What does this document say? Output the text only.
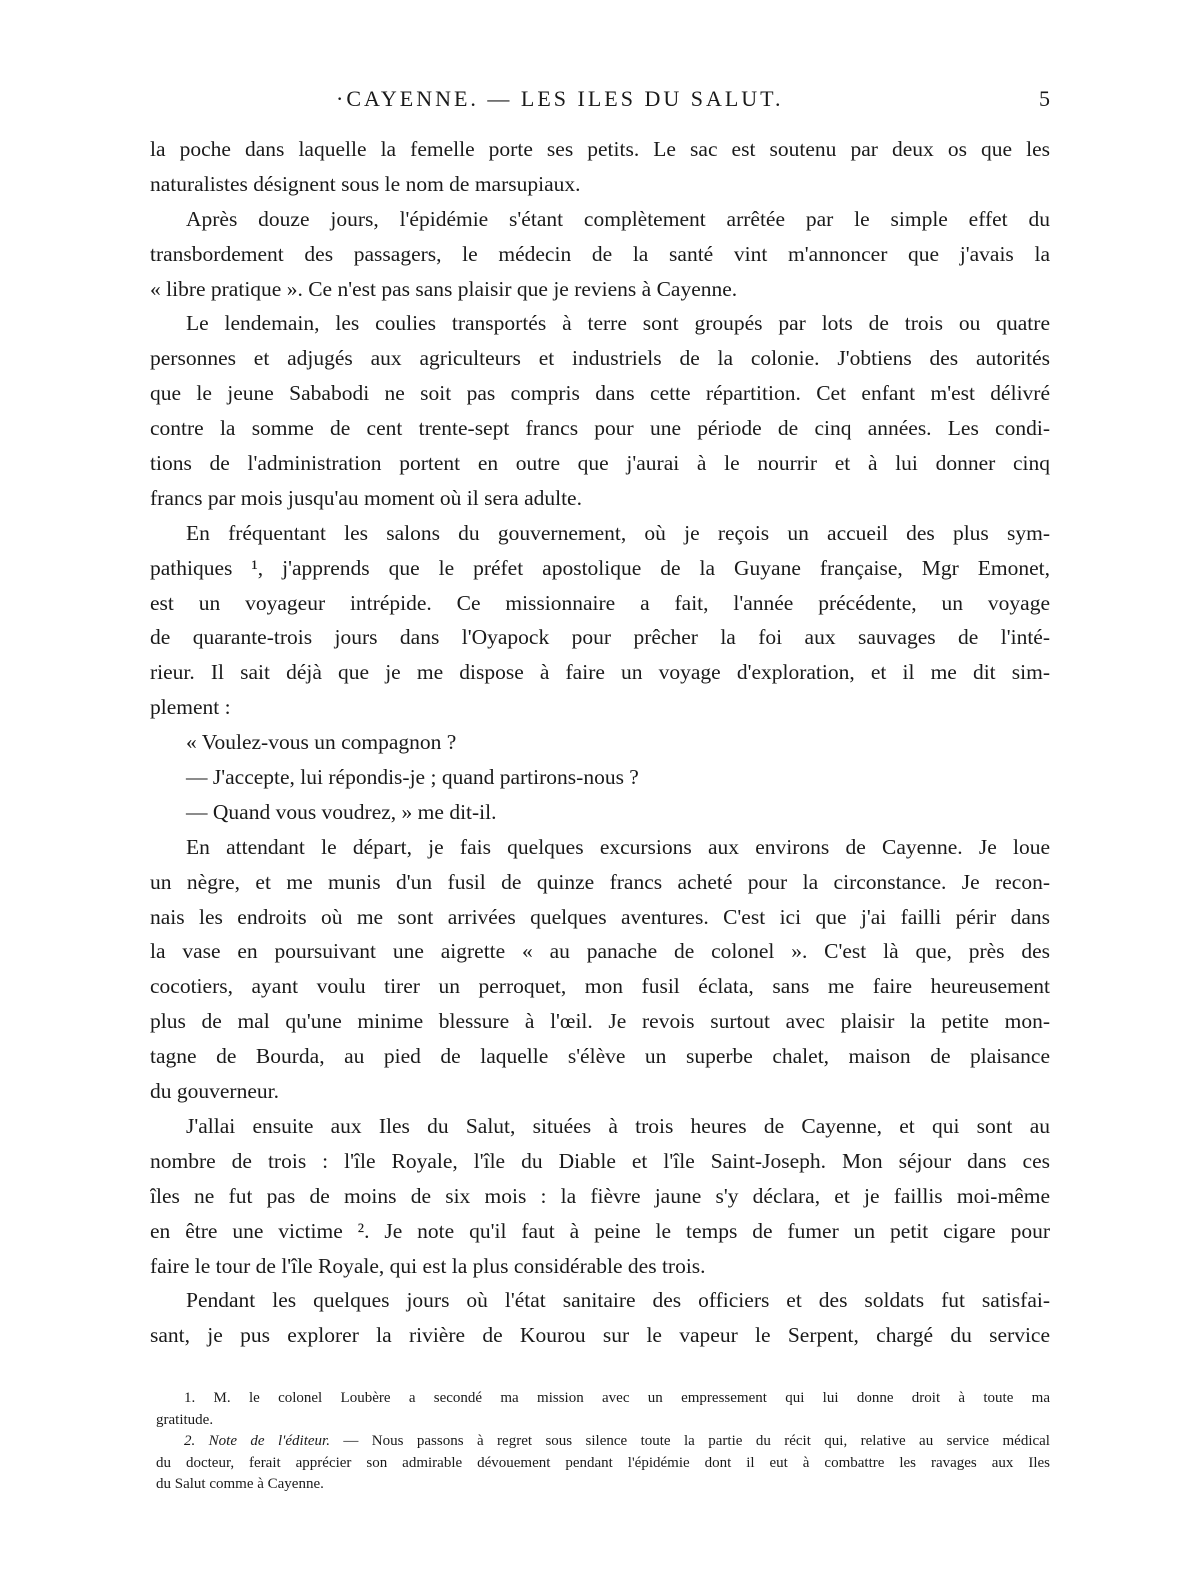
·CAYENNE. — LES ILES DU SALUT.	5
la poche dans laquelle la femelle porte ses petits. Le sac est soutenu par deux os que les
naturalistes désignent sous le nom de marsupiaux.
Après douze jours, l'épidémie s'étant complètement arrêtée par le simple effet du
transbordement des passagers, le médecin de la santé vint m'annoncer que j'avais la
« libre pratique ». Ce n'est pas sans plaisir que je reviens à Cayenne.
Le lendemain, les coulies transportés à terre sont groupés par lots de trois ou quatre
personnes et adjugés aux agriculteurs et industriels de la colonie. J'obtiens des autorités
que le jeune Sababodi ne soit pas compris dans cette répartition. Cet enfant m'est délivré
contre la somme de cent trente-sept francs pour une période de cinq années. Les condi-
tions de l'administration portent en outre que j'aurai à le nourrir et à lui donner cinq
francs par mois jusqu'au moment où il sera adulte.
En fréquentant les salons du gouvernement, où je reçois un accueil des plus sym-
pathiques ¹, j'apprends que le préfet apostolique de la Guyane française, Mgr Emonet,
est un voyageur intrépide. Ce missionnaire a fait, l'année précédente, un voyage
de quarante-trois jours dans l'Oyapock pour prêcher la foi aux sauvages de l'inté-
rieur. Il sait déjà que je me dispose à faire un voyage d'exploration, et il me dit sim-
plement :
« Voulez-vous un compagnon ?
— J'accepte, lui répondis-je ; quand partirons-nous ?
— Quand vous voudrez, » me dit-il.
En attendant le départ, je fais quelques excursions aux environs de Cayenne. Je loue
un nègre, et me munis d'un fusil de quinze francs acheté pour la circonstance. Je recon-
nais les endroits où me sont arrivées quelques aventures. C'est ici que j'ai failli périr dans
la vase en poursuivant une aigrette « au panache de colonel ». C'est là que, près des
cocotiers, ayant voulu tirer un perroquet, mon fusil éclata, sans me faire heureusement
plus de mal qu'une minime blessure à l'œil. Je revois surtout avec plaisir la petite mon-
tagne de Bourda, au pied de laquelle s'élève un superbe chalet, maison de plaisance
du gouverneur.
J'allai ensuite aux Iles du Salut, situées à trois heures de Cayenne, et qui sont au
nombre de trois : l'île Royale, l'île du Diable et l'île Saint-Joseph. Mon séjour dans ces
îles ne fut pas de moins de six mois : la fièvre jaune s'y déclara, et je faillis moi-même
en être une victime ². Je note qu'il faut à peine le temps de fumer un petit cigare pour
faire le tour de l'île Royale, qui est la plus considérable des trois.
Pendant les quelques jours où l'état sanitaire des officiers et des soldats fut satisfai-
sant, je pus explorer la rivière de Kourou sur le vapeur le Serpent, chargé du service
1. M. le colonel Loubère a secondé ma mission avec un empressement qui lui donne droit à toute ma
gratitude.
2. Note de l'éditeur. — Nous passons à regret sous silence toute la partie du récit qui, relative au service médical
du docteur, ferait apprécier son admirable dévouement pendant l'épidémie dont il eut à combattre les ravages aux Iles
du Salut comme à Cayenne.
